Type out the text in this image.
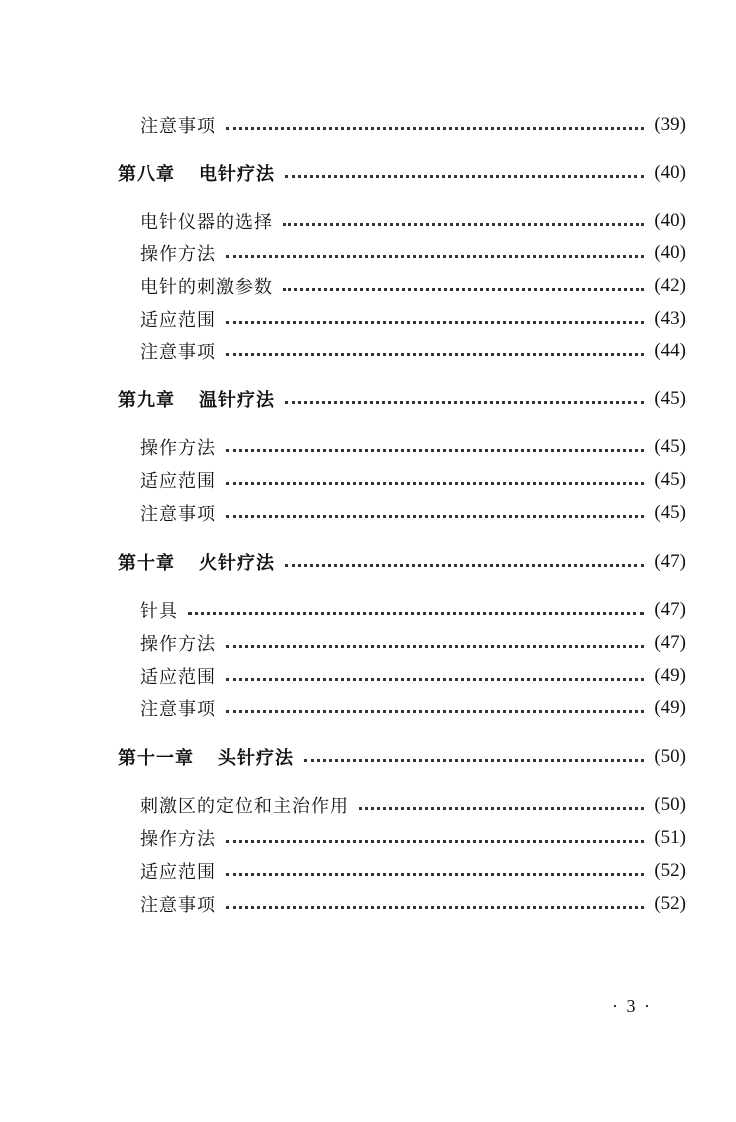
注意事项	(39)
第八章 电针疗法	(40)
电针仪器的选择	(40)
操作方法	(40)
电针的刺激参数	(42)
适应范围	(43)
注意事项	(44)
第九章 温针疗法	(45)
操作方法	(45)
适应范围	(45)
注意事项	(45)
第十章 火针疗法	(47)
针具	(47)
操作方法	(47)
适应范围	(49)
注意事项	(49)
第十一章 头针疗法	(50)
刺激区的定位和主治作用	(50)
操作方法	(51)
适应范围	(52)
注意事项	(52)
· 3 ·
